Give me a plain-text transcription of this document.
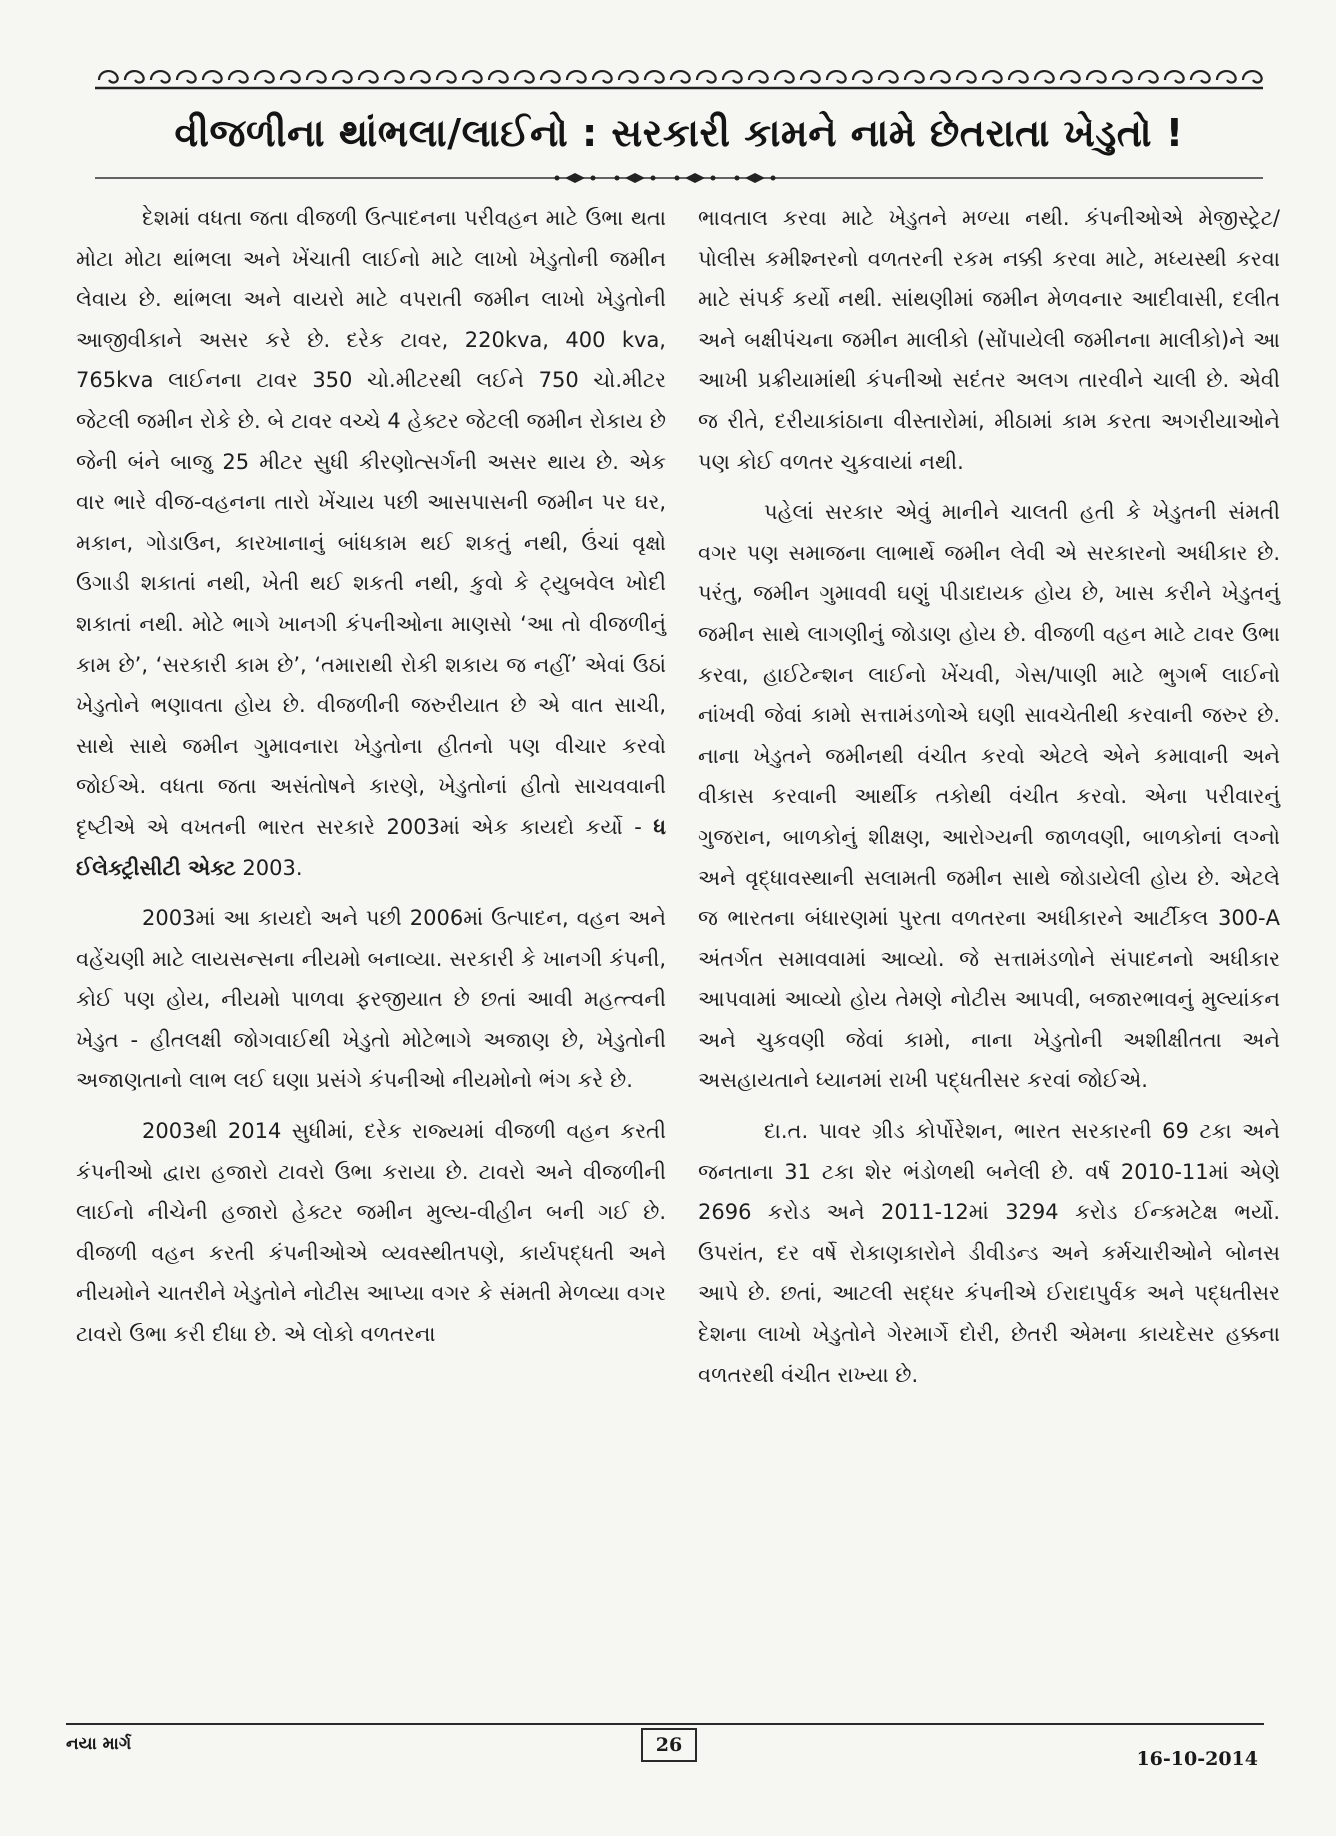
વીજળીના થાંભલા/લાઈનો : સરકારી કામને નામે છેતરાતા ખેડુતો !

દેશમાં વધતા જતા વીજળી ઉત્પાદનના પરીવહન માટે ઉભા થતા મોટા મોટા થાંભલા અને ખેંચાતી લાઈનો માટે લાખો ખેડુતોની જમીન લેવાય છે. થાંભલા અને વાયરો માટે વપરાતી જમીન લાખો ખેડુતોની આજીવીકાને અસર કરે છે. દરેક ટાવર, 220kva, 400 kva, 765kva લાઈનના ટાવર 350 ચો.મીટરથી લઈને 750 ચો.મીટર જેટલી જમીન રોકે છે. બે ટાવર વચ્ચે 4 હેક્ટર જેટલી જમીન રોકાય છે જેની બંને બાજુ 25 મીટર સુધી કીરણોત્સર્ગની અસર થાય છે. એક વાર ભારે વીજ-વહનના તારો ખેંચાય પછી આસપાસની જમીન પર ઘર, મકાન, ગોડાઉન, કારખાનાનું બાંધકામ થઈ શકતું નથી, ઉંચાં વૃક્ષો ઉગાડી શકાતાં નથી, ખેતી થઈ શકતી નથી, કુવો કે ટ્યુબવેલ ખોદી શકાતાં નથી. મોટે ભાગે ખાનગી કંપનીઓના માણસો ‘આ તો વીજળીનું કામ છે’, ‘સરકારી કામ છે’, ‘તમારાથી રોકી શકાય જ નહીં’ એવાં ઉઠાં ખેડુતોને ભણાવતા હોય છે. વીજળીની જરુરીયાત છે એ વાત સાચી, સાથે સાથે જમીન ગુમાવનારા ખેડુતોના હીતનો પણ વીચાર કરવો જોઈએ. વધતા જતા અસંતોષને કારણે, ખેડુતોનાં હીતો સાચવવાની દૃષ્ટીએ એ વખતની ભારત સરકારે 2003માં એક કાયદો કર્યો - ધ ઈલેક્ટ્રીસીટી એક્ટ 2003.

2003માં આ કાયદો અને પછી 2006માં ઉત્પાદન, વહન અને વહેંચણી માટે લાયસન્સના નીયમો બનાવ્યા. સરકારી કે ખાનગી કંપની, કોઈ પણ હોય, નીયમો પાળવા ફરજીયાત છે છતાં આવી મહત્ત્વની ખેડુત - હીતલક્ષી જોગવાઈથી ખેડુતો મોટેભાગે અજાણ છે, ખેડુતોની અજાણતાનો લાભ લઈ ઘણા પ્રસંગે કંપનીઓ નીયમોનો ભંગ કરે છે.

2003થી 2014 સુધીમાં, દરેક રાજ્યમાં વીજળી વહન કરતી કંપનીઓ દ્વારા હજારો ટાવરો ઉભા કરાયા છે. ટાવરો અને વીજળીની લાઈનો નીચેની હજારો હેક્ટર જમીન મુલ્ય-વીહીન બની ગઈ છે. વીજળી વહન કરતી કંપનીઓએ વ્યવસ્થીતપણે, કાર્યપદ્ધતી અને નીયમોને ચાતરીને ખેડુતોને નોટીસ આપ્યા વગર કે સંમતી મેળવ્યા વગર ટાવરો ઉભા કરી દીધા છે. એ લોકો વળતરના

ભાવતાલ કરવા માટે ખેડુતને મળ્યા નથી. કંપનીઓએ મેજીસ્ટ્રેટ/પોલીસ કમીશ્નરનો વળતરની રકમ નક્કી કરવા માટે, મધ્યસ્થી કરવા માટે સંપર્ક કર્યો નથી. સાંથણીમાં જમીન મેળવનાર આદીવાસી, દલીત અને બક્ષીપંચના જમીન માલીકો (સોંપાયેલી જમીનના માલીકો)ને આ આખી પ્રક્રીયામાંથી કંપનીઓ સદંતર અલગ તારવીને ચાલી છે. એવી જ રીતે, દરીયાકાંઠાના વીસ્તારોમાં, મીઠામાં કામ કરતા અગરીયાઓને પણ કોઈ વળતર ચુકવાયાં નથી.

પહેલાં સરકાર એવું માનીને ચાલતી હતી કે ખેડુતની સંમતી વગર પણ સમાજના લાભાર્થે જમીન લેવી એ સરકારનો અધીકાર છે. પરંતુ, જમીન ગુમાવવી ઘણું પીડાદાયક હોય છે, ખાસ કરીને ખેડુતનું જમીન સાથે લાગણીનું જોડાણ હોય છે. વીજળી વહન માટે ટાવર ઉભા કરવા, હાઈટેન્શન લાઈનો ખેંચવી, ગેસ/પાણી માટે ભુગર્ભ લાઈનો નાંખવી જેવાં કામો સત્તામંડળોએ ઘણી સાવચેતીથી કરવાની જરુર છે. નાના ખેડુતને જમીનથી વંચીત કરવો એટલે એને કમાવાની અને વીકાસ કરવાની આર્થીક તકોથી વંચીત કરવો. એના પરીવારનું ગુજરાન, બાળકોનું શીક્ષણ, આરોગ્યની જાળવણી, બાળકોનાં લગ્નો અને વૃદ્ધાવસ્થાની સલામતી જમીન સાથે જોડાયેલી હોય છે. એટલે જ ભારતના બંધારણમાં પુરતા વળતરના અધીકારને આર્ટીકલ 300-A અંતર્ગત સમાવવામાં આવ્યો. જે સત્તામંડળોને સંપાદનનો અધીકાર આપવામાં આવ્યો હોય તેમણે નોટીસ આપવી, બજારભાવનું મુલ્યાંકન અને ચુકવણી જેવાં કામો, નાના ખેડુતોની અશીક્ષીતતા અને અસહાયતાને ધ્યાનમાં રાખી પદ્ધતીસર કરવાં જોઈએ.

દા.ત. પાવર ગ્રીડ કોર્પોરેશન, ભારત સરકારની 69 ટકા અને જનતાના 31 ટકા શેર ભંડોળથી બનેલી છે. વર્ષ 2010-11માં એણે 2696 કરોડ અને 2011-12માં 3294 કરોડ ઈન્કમટેક્ષ ભર્યો. ઉપરાંત, દર વર્ષે રોકાણકારોને ડીવીડન્ડ અને કર્મચારીઓને બોનસ આપે છે. છતાં, આટલી સદ્ધર કંપનીએ ઈરાદાપુર્વક અને પદ્ધતીસર દેશના લાખો ખેડુતોને ગેરમાર્ગે દોરી, છેતરી એમના કાયદેસર હક્કના વળતરથી વંચીત રાખ્યા છે.

નયા માર્ગ	26
16-10-2014
